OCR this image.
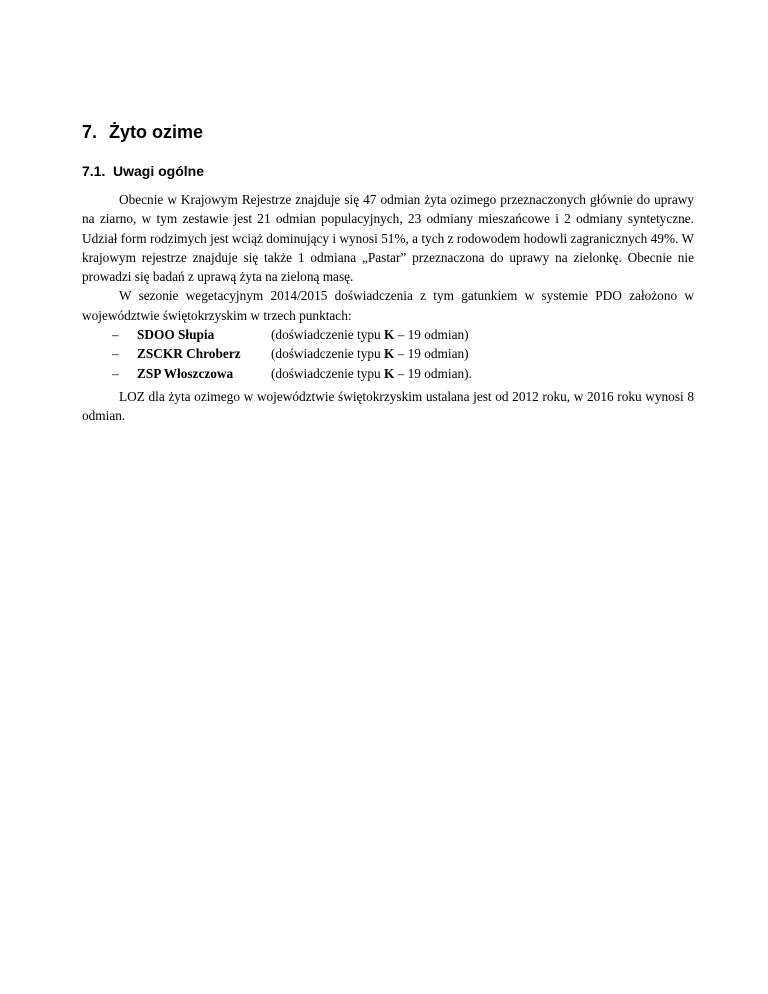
7. Żyto ozime
7.1. Uwagi ogólne

Obecnie w Krajowym Rejestrze znajduje się 47 odmian żyta ozimego przeznaczonych głównie do uprawy na ziarno, w tym zestawie jest 21 odmian populacyjnych, 23 odmiany mieszańcowe i 2 odmiany syntetyczne. Udział form rodzimych jest wciąż dominujący i wynosi 51%, a tych z rodowodem hodowli zagranicznych 49%. W krajowym rejestrze znajduje się także 1 odmiana „Pastar” przeznaczona do uprawy na zielonkę. Obecnie nie prowadzi się badań z uprawą żyta na zieloną masę.

W sezonie wegetacyjnym 2014/2015 doświadczenia z tym gatunkiem w systemie PDO założono w województwie świętokrzyskim w trzech punktach:

–	SDOO Słupia	(doświadczenie typu K – 19 odmian)
–	ZSCKR Chroberz	(doświadczenie typu K – 19 odmian)
–	ZSP Włoszczowa	(doświadczenie typu K – 19 odmian).

LOZ dla żyta ozimego w województwie świętokrzyskim ustalana jest od 2012 roku, w 2016 roku wynosi 8 odmian.
